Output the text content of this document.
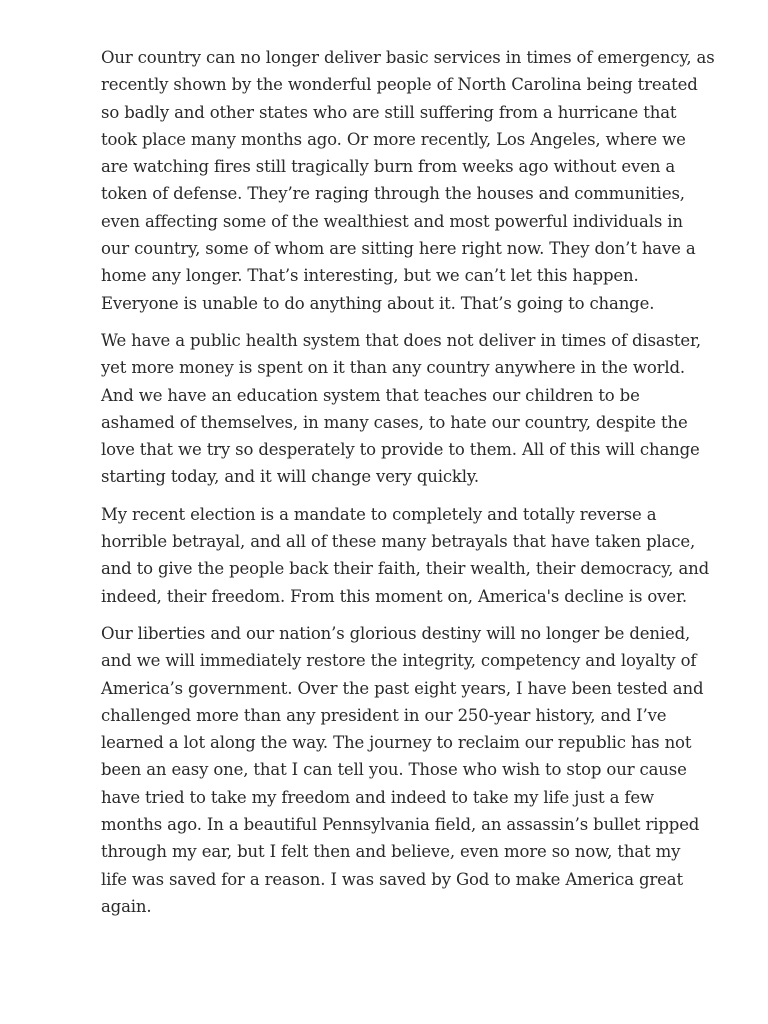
Our country can no longer deliver basic services in times of emergency, as
recently shown by the wonderful people of North Carolina being treated
so badly and other states who are still suffering from a hurricane that
took place many months ago. Or more recently, Los Angeles, where we
are watching fires still tragically burn from weeks ago without even a
token of defense. They’re raging through the houses and communities,
even affecting some of the wealthiest and most powerful individuals in
our country, some of whom are sitting here right now. They don’t have a
home any longer. That’s interesting, but we can’t let this happen.
Everyone is unable to do anything about it. That’s going to change.

We have a public health system that does not deliver in times of disaster,
yet more money is spent on it than any country anywhere in the world.
And we have an education system that teaches our children to be
ashamed of themselves, in many cases, to hate our country, despite the
love that we try so desperately to provide to them. All of this will change
starting today, and it will change very quickly.

My recent election is a mandate to completely and totally reverse a
horrible betrayal, and all of these many betrayals that have taken place,
and to give the people back their faith, their wealth, their democracy, and
indeed, their freedom. From this moment on, America's decline is over.

Our liberties and our nation’s glorious destiny will no longer be denied,
and we will immediately restore the integrity, competency and loyalty of
America’s government. Over the past eight years, I have been tested and
challenged more than any president in our 250-year history, and I’ve
learned a lot along the way. The journey to reclaim our republic has not
been an easy one, that I can tell you. Those who wish to stop our cause
have tried to take my freedom and indeed to take my life just a few
months ago. In a beautiful Pennsylvania field, an assassin’s bullet ripped
through my ear, but I felt then and believe, even more so now, that my
life was saved for a reason. I was saved by God to make America great
again.
